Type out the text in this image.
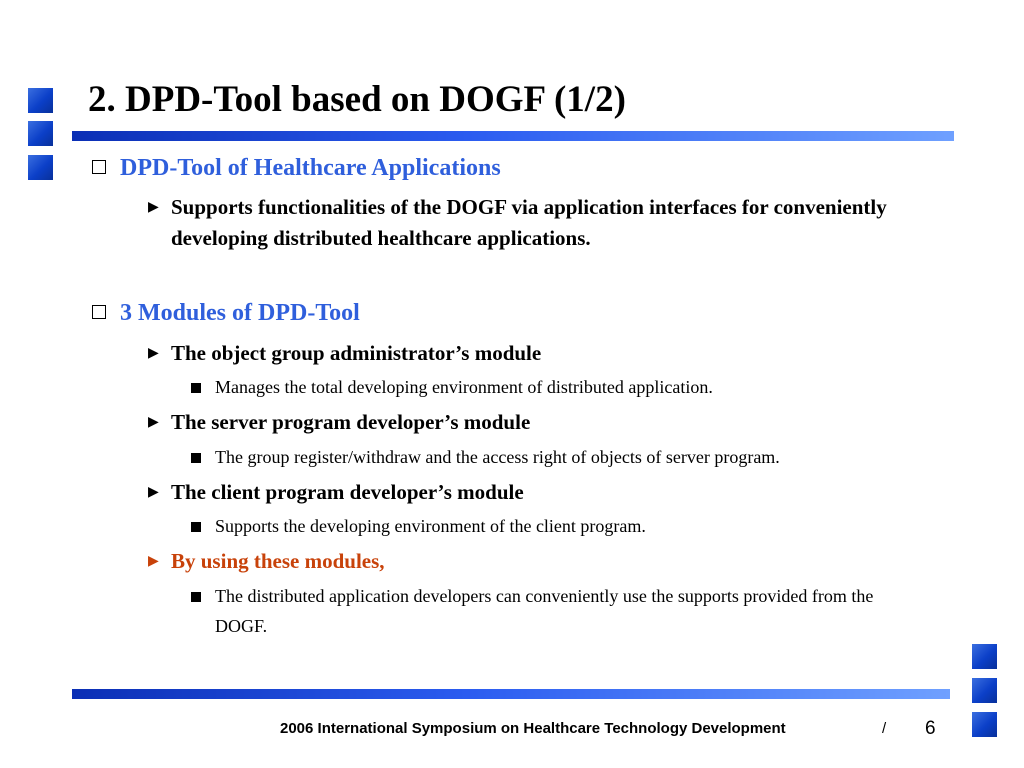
2. DPD-Tool based on DOGF (1/2)
DPD-Tool of Healthcare Applications
▶ Supports functionalities of the DOGF via application interfaces for conveniently developing distributed healthcare applications.
3 Modules of DPD-Tool
▶ The object group administrator’s module
Manages the total developing environment of distributed application.
▶ The server program developer’s module
The group register/withdraw and the access right of objects of server program.
▶ The client program developer’s module
Supports the developing environment of the client program.
▶ By using these modules,
The distributed application developers can conveniently use the supports provided from the DOGF.
2006 International Symposium on Healthcare Technology Development	/ 6
